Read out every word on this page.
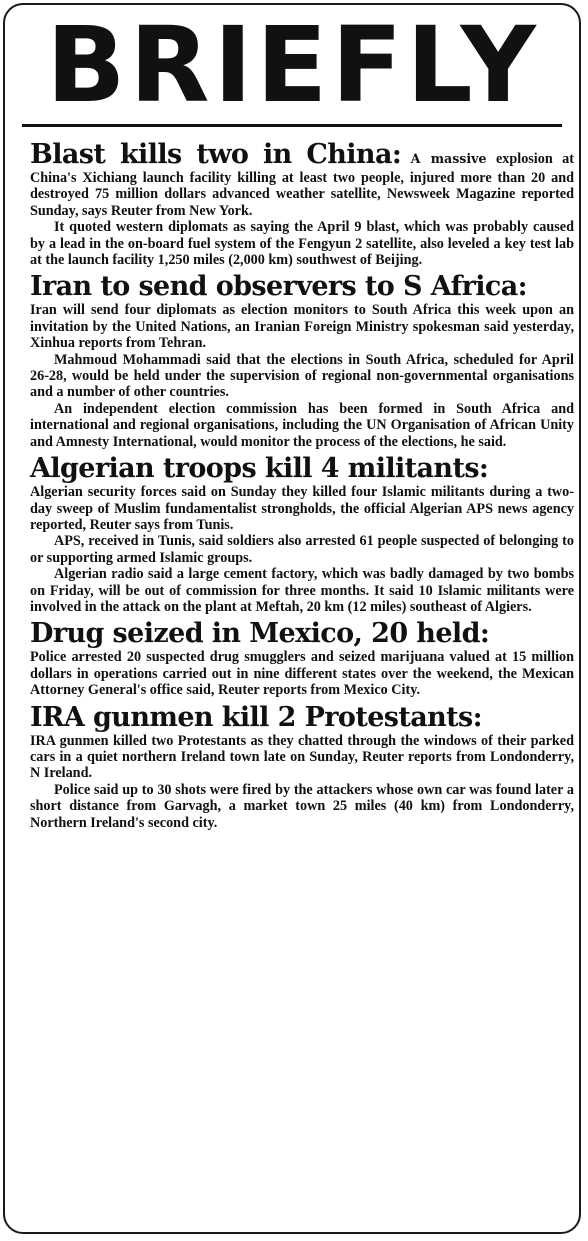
BRIEFLY

Blast kills two in China: A massive explosion at China's Xichiang launch facility killing at least two people, injured more than 20 and destroyed 75 million dollars advanced weather satellite, Newsweek Magazine reported Sunday, says Reuter from New York.

It quoted western diplomats as saying the April 9 blast, which was probably caused by a lead in the on-board fuel system of the Fengyun 2 satellite, also leveled a key test lab at the launch facility 1,250 miles (2,000 km) southwest of Beijing.

Iran to send observers to S Africa:

Iran will send four diplomats as election monitors to South Africa this week upon an invitation by the United Nations, an Iranian Foreign Ministry spokesman said yesterday, Xinhua reports from Tehran.

Mahmoud Mohammadi said that the elections in South Africa, scheduled for April 26-28, would be held under the supervision of regional non-governmental organisations and a number of other countries.

An independent election commission has been formed in South Africa and international and regional organisations, including the UN Organisation of African Unity and Amnesty International, would monitor the process of the elections, he said.

Algerian troops kill 4 militants:

Algerian security forces said on Sunday they killed four Islamic militants during a two-day sweep of Muslim fundamentalist strongholds, the official Algerian APS news agency reported, Reuter says from Tunis.

APS, received in Tunis, said soldiers also arrested 61 people suspected of belonging to or supporting armed Islamic groups.

Algerian radio said a large cement factory, which was badly damaged by two bombs on Friday, will be out of commission for three months. It said 10 Islamic militants were involved in the attack on the plant at Meftah, 20 km (12 miles) southeast of Algiers.

Drug seized in Mexico, 20 held:

Police arrested 20 suspected drug smugglers and seized marijuana valued at 15 million dollars in operations carried out in nine different states over the weekend, the Mexican Attorney General's office said, Reuter reports from Mexico City.

IRA gunmen kill 2 Protestants:

IRA gunmen killed two Protestants as they chatted through the windows of their parked cars in a quiet northern Ireland town late on Sunday, Reuter reports from Londonderry, N Ireland.

Police said up to 30 shots were fired by the attackers whose own car was found later a short distance from Garvagh, a market town 25 miles (40 km) from Londonderry, Northern Ireland's second city.
